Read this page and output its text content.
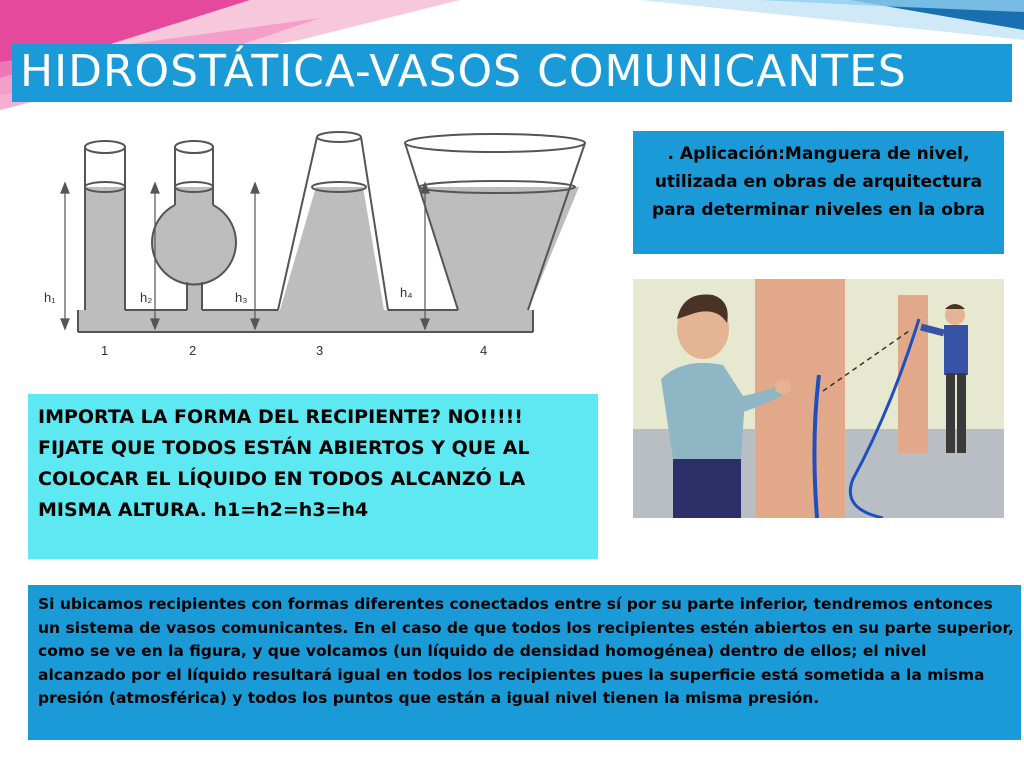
HIDROSTÁTICA-VASOS COMUNICANTES
h₁	h₂	h₃	h₄
1	2	3	4
. Aplicación:Manguera de nivel, utilizada en obras de arquitectura para determinar niveles en la obra
IMPORTA LA FORMA DEL RECIPIENTE? NO!!!!! FIJATE QUE TODOS ESTÁN ABIERTOS Y QUE AL COLOCAR EL LÍQUIDO EN TODOS ALCANZÓ LA MISMA ALTURA. h1=h2=h3=h4
Si ubicamos recipientes con formas diferentes conectados entre sí por su parte inferior, tendremos entonces un sistema de vasos comunicantes. En el caso de que todos los recipientes estén abiertos en su parte superior, como se ve en la figura, y que volcamos (un líquido de densidad homogénea) dentro de ellos; el nivel alcanzado por el líquido resultará igual en todos los recipientes pues la superficie está sometida a la misma presión (atmosférica) y todos los puntos que están a igual nivel tienen la misma presión.
